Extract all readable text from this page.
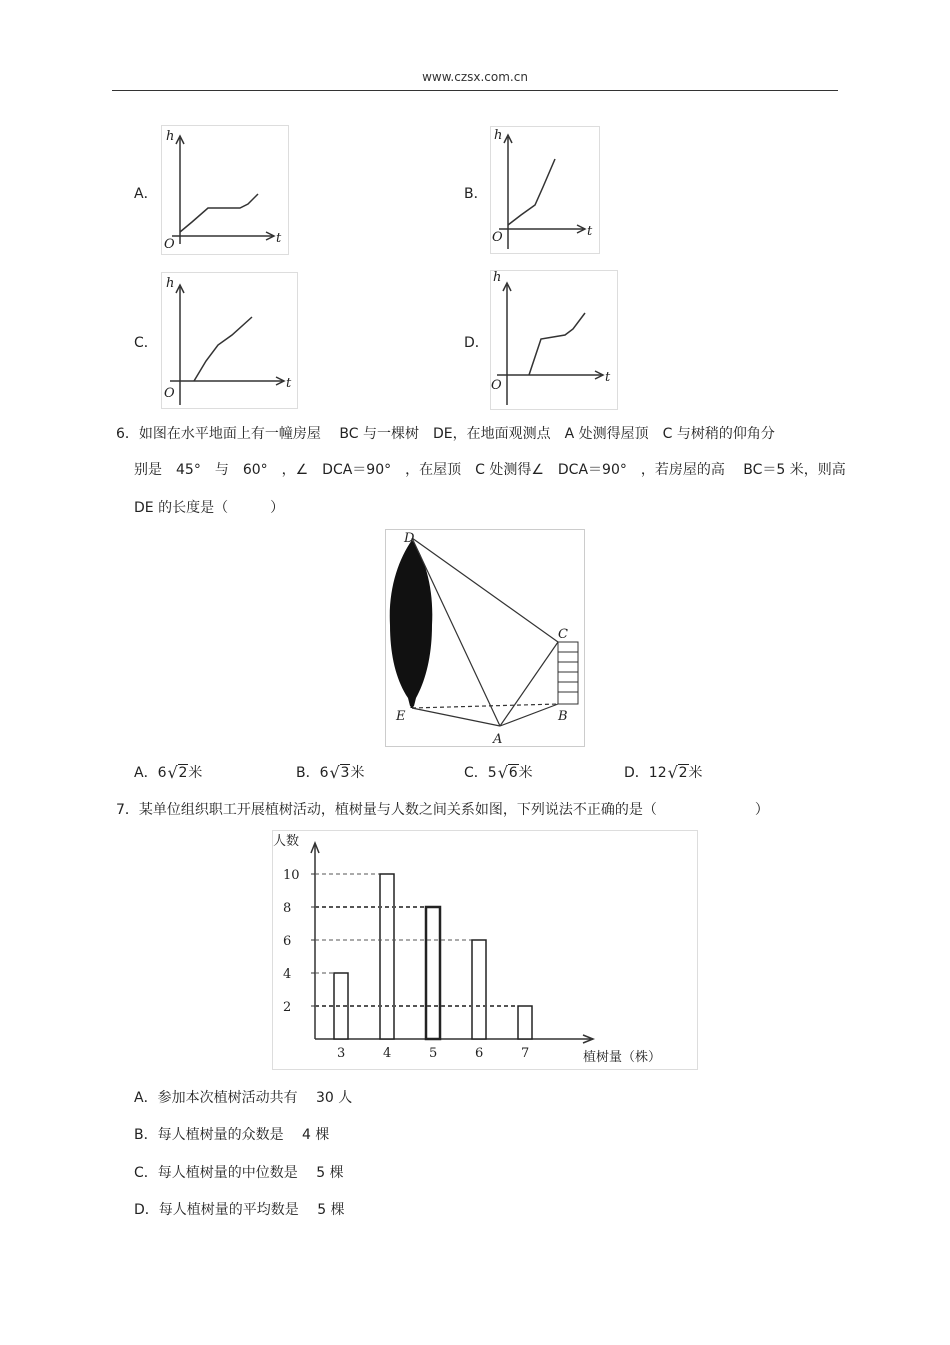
www.czsx.com.cn
A．	B．
C．	D．
h
t
O
h
t
O
h
t
O
h
t
O
6．如图在水平地面上有一幢房屋　 BC 与一棵树　DE，在地面观测点　A 处测得屋顶　C 与树稍的仰角分
别是　45°　与　60°　，∠　DCA＝90°　，在屋顶　C 处测得∠　DCA＝90°　，若房屋的高　 BC＝5 米，则高
DE 的长度是（　　　）
D
C
E	B
A
A．6 √ 2米	B．6 √ 3米	C．5 √ 6米	D．12 √ 2米
7．某单位组织职工开展植树活动，植树量与人数之间关系如图，下列说法不正确的是（　　　　　　　）
人数
植树量（株）
2
4
6
8
10
3	4	5	6	7
A．参加本次植树活动共有　 30 人
B．每人植树量的众数是　 4 棵
C．每人植树量的中位数是　 5 棵
D．每人植树量的平均数是　 5 棵
